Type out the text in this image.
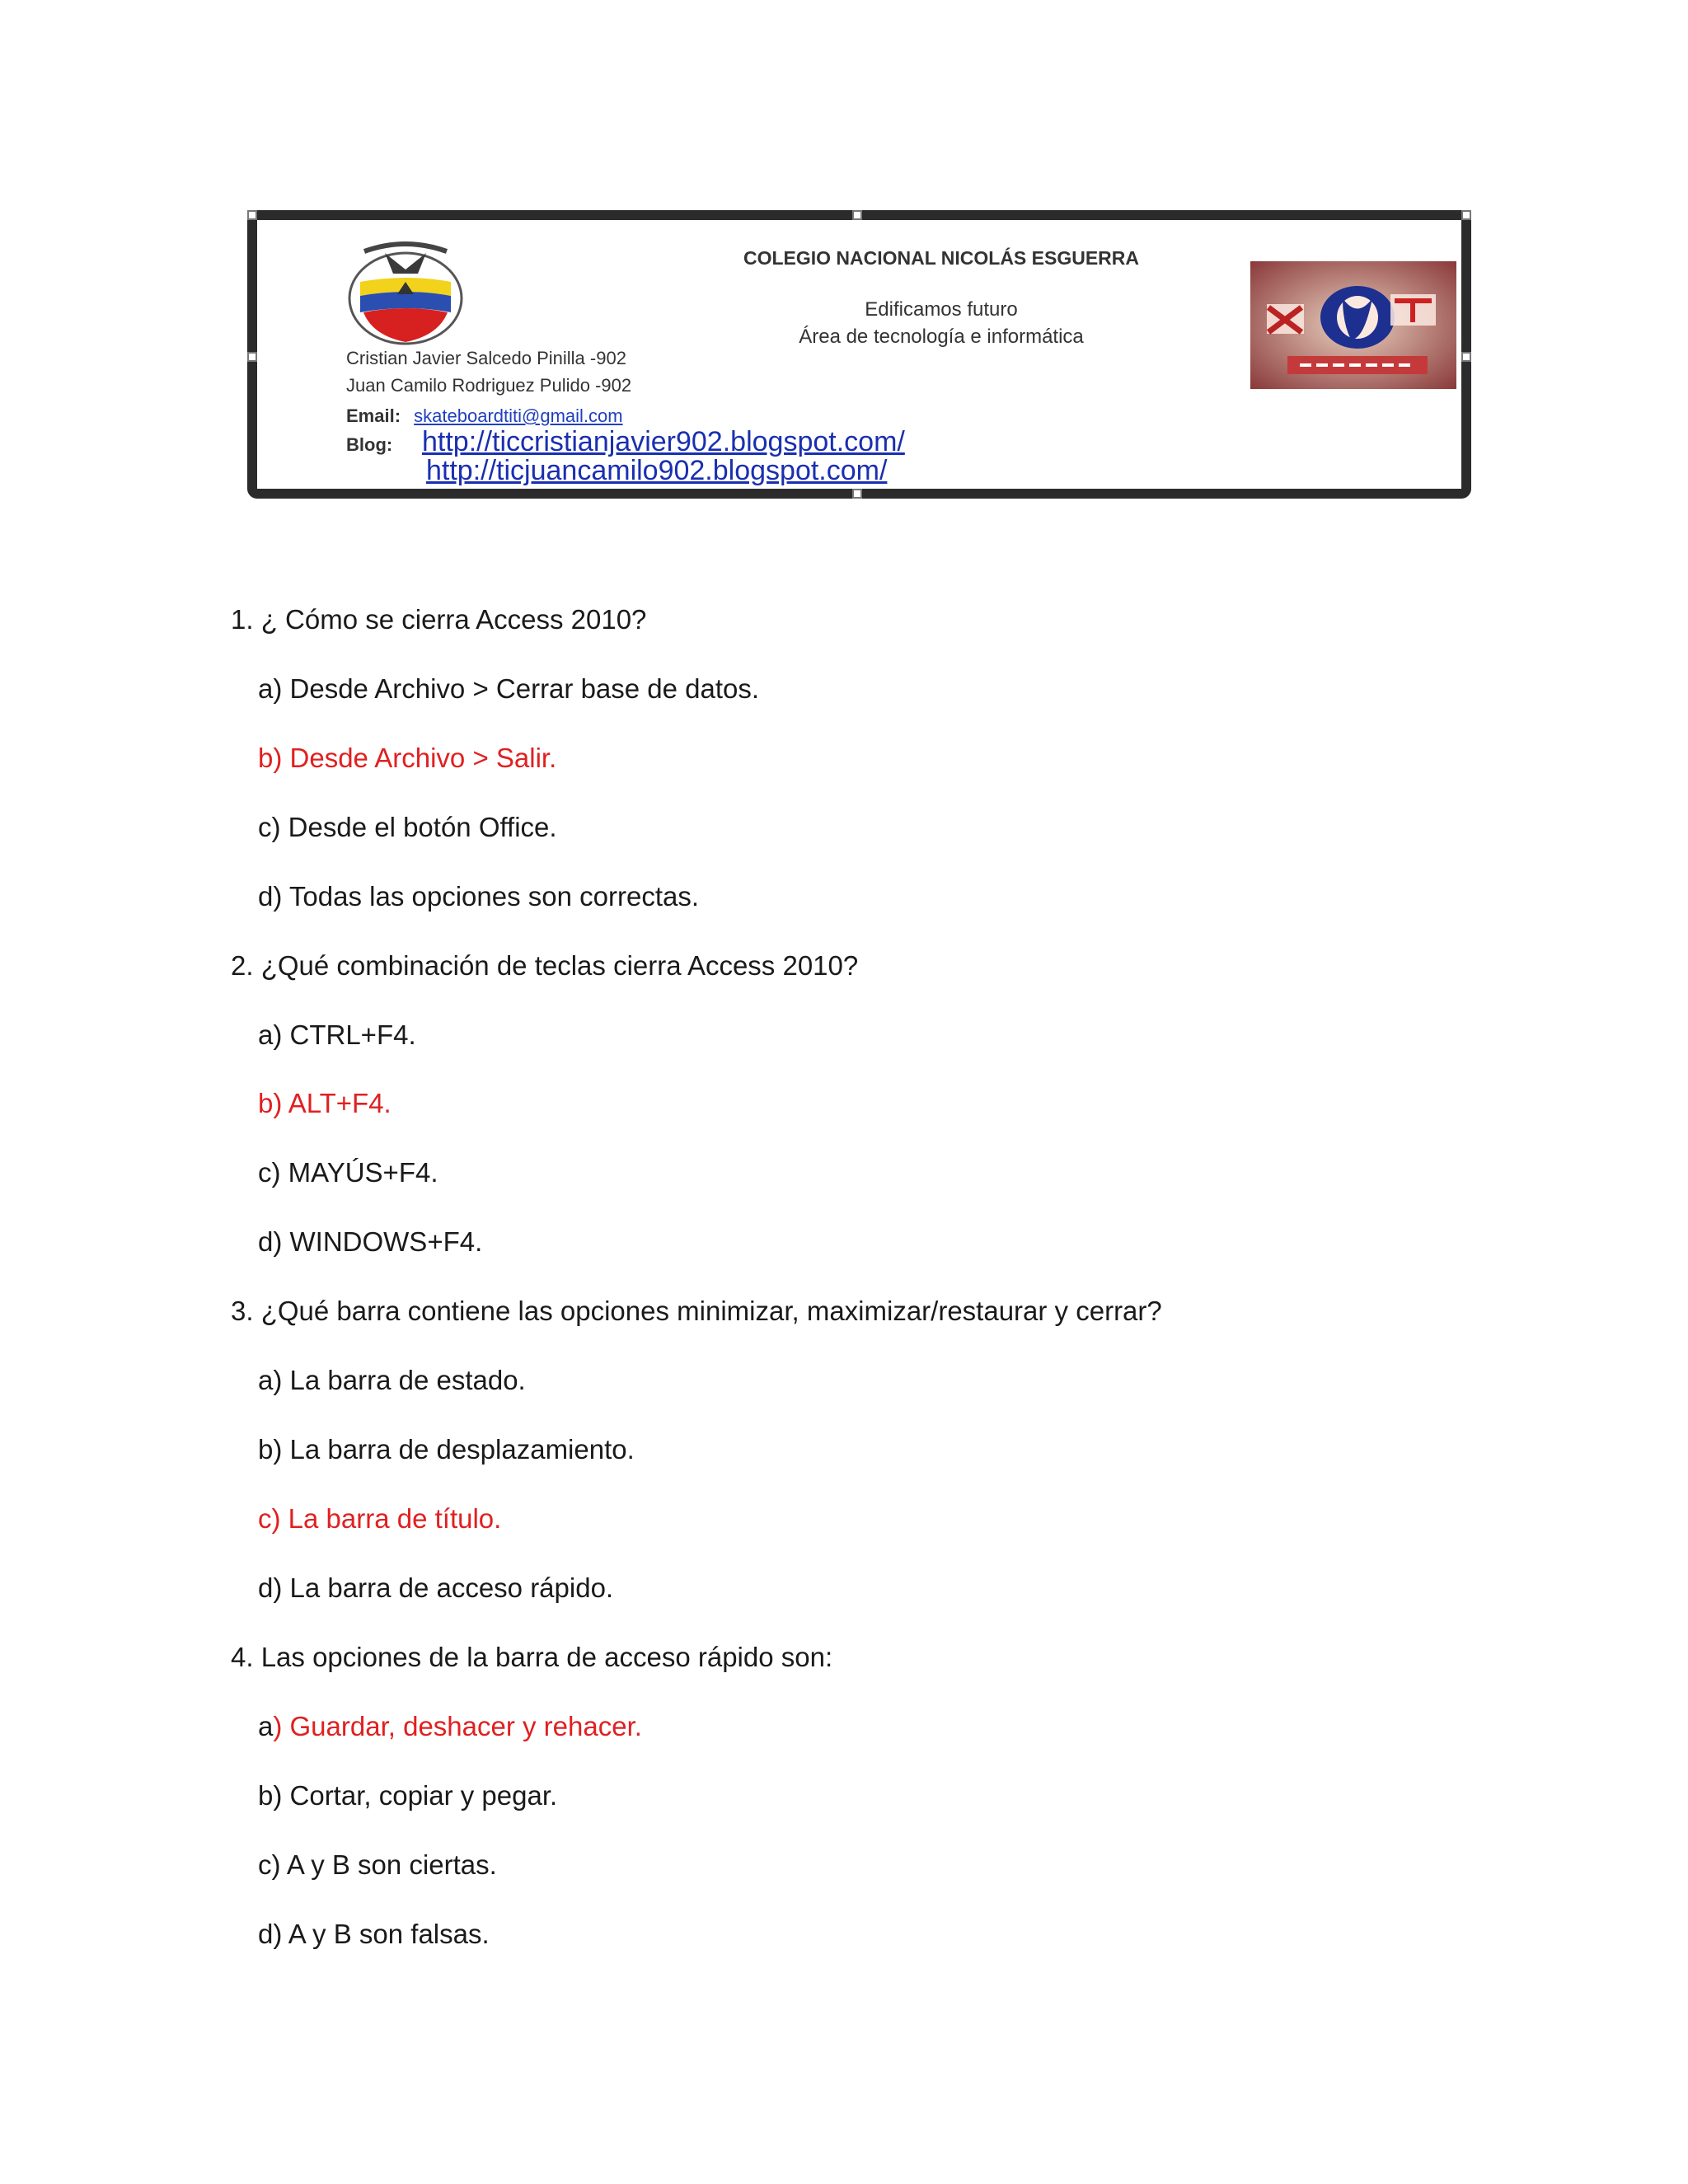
COLEGIO NACIONAL NICOLÁS ESGUERRA
Edificamos futuro
Área de tecnología e informática
Cristian Javier Salcedo Pinilla -902
Juan Camilo Rodriguez Pulido -902
Email: skateboardtiti@gmail.com
Blog: http://ticcristianjavier902.blogspot.com/
http://ticjuancamilo902.blogspot.com/
1. ¿ Cómo se cierra Access 2010?
a) Desde Archivo > Cerrar base de datos.
b) Desde Archivo > Salir.
c) Desde el botón Office.
d) Todas las opciones son correctas.
2. ¿Qué combinación de teclas cierra Access 2010?
a) CTRL+F4.
b) ALT+F4.
c) MAYÚS+F4.
d) WINDOWS+F4.
3. ¿Qué barra contiene las opciones minimizar, maximizar/restaurar y cerrar?
a) La barra de estado.
b) La barra de desplazamiento.
c) La barra de título.
d) La barra de acceso rápido.
4. Las opciones de la barra de acceso rápido son:
a) Guardar, deshacer y rehacer.
b) Cortar, copiar y pegar.
c) A y B son ciertas.
d) A y B son falsas.
